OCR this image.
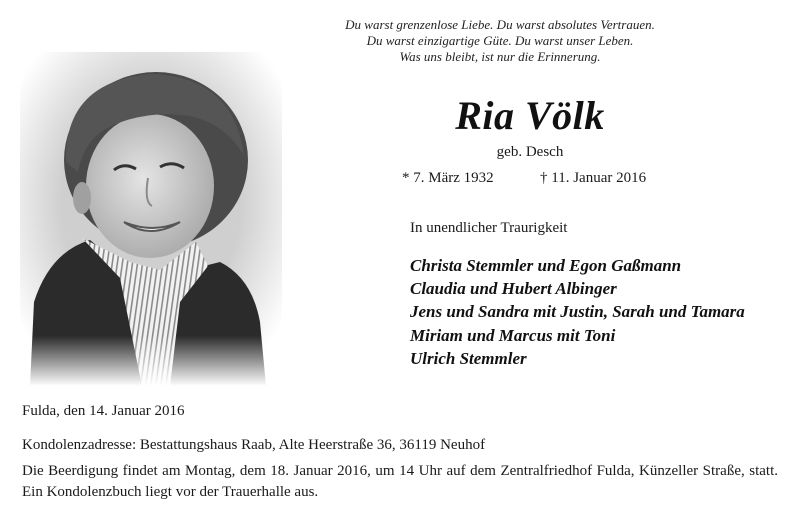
Du warst grenzenlose Liebe. Du warst absolutes Vertrauen.
Du warst einzigartige Güte. Du warst unser Leben.
Was uns bleibt, ist nur die Erinnerung.
Ria Völk
geb. Desch
* 7. März 1932	† 11. Januar 2016
In unendlicher Traurigkeit
Christa Stemmler und Egon Gaßmann
Claudia und Hubert Albinger
Jens und Sandra mit Justin, Sarah und Tamara
Miriam und Marcus mit Toni
Ulrich Stemmler
Fulda, den 14. Januar 2016
Kondolenzadresse: Bestattungshaus Raab, Alte Heerstraße 36, 36119 Neuhof
Die Beerdigung findet am Montag, dem 18. Januar 2016, um 14 Uhr auf dem Zentralfriedhof Fulda, Künzeller Straße, statt. Ein Kondolenzbuch liegt vor der Trauerhalle aus.
